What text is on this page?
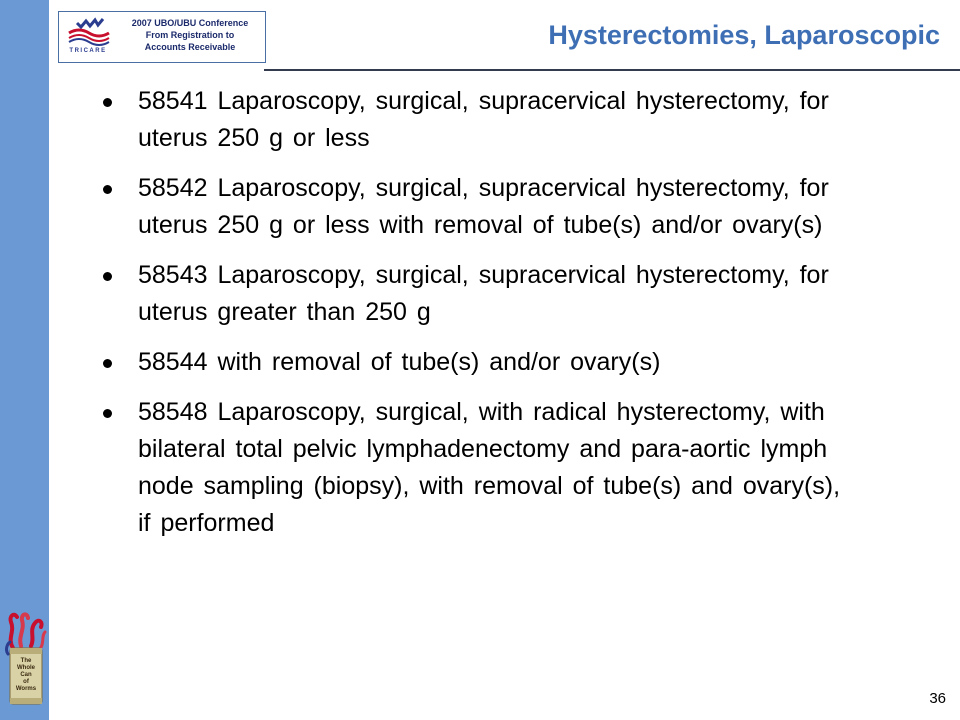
TRICARE
2007 UBO/UBU Conference
From Registration to
Accounts Receivable	Hysterectomies, Laparoscopic
58541 Laparoscopy, surgical, supracervical hysterectomy, for uterus 250 g or less
58542 Laparoscopy, surgical, supracervical hysterectomy, for uterus 250 g or less with removal of tube(s) and/or ovary(s)
58543 Laparoscopy, surgical, supracervical hysterectomy, for uterus greater than 250 g
58544 with removal of tube(s) and/or ovary(s)
58548 Laparoscopy, surgical, with radical hysterectomy, with bilateral total pelvic lymphadenectomy and para-aortic lymph node sampling (biopsy), with removal of tube(s) and ovary(s), if performed
The
Whole
Can
of
Worms
36
